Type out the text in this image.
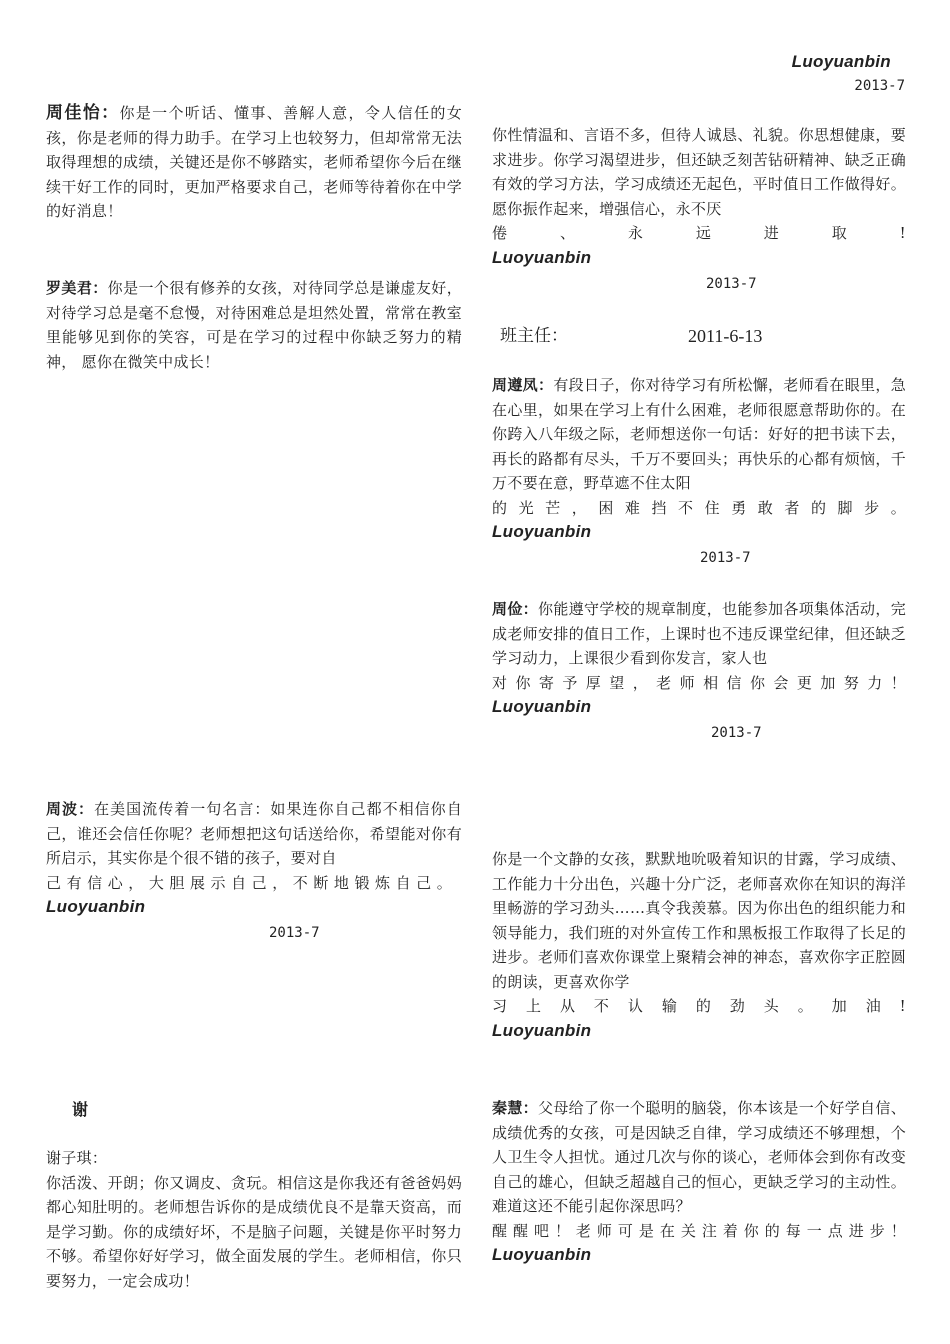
Luoyuanbin
2013-7
你性情温和、言语不多，但待人诚恳、礼貌。你思想健康，要求进步。你学习渴望进步，但还缺乏刻苦钻研精神、缺乏正确有效的学习方法，学习成绩还无起色，平时值日工作做得好。愿你振作起来，增强信心，永不厌
倦 、 永 远 进 取 !
Luoyuanbin
2013-7
班主任：	2011-6-13
周遵凤：有段日子，你对待学习有所松懈，老师看在眼里，急在心里，如果在学习上有什么困难，老师很愿意帮助你的。在你跨入八年级之际，老师想送你一句话：好好的把书读下去，再长的路都有尽头，千万不要回头；再快乐的心都有烦恼，千万不要在意，野草遮不住太阳
的 光 芒 ， 困 难 挡 不 住 勇 敢 者 的 脚 步 。
Luoyuanbin
2013-7
周俭：你能遵守学校的规章制度，也能参加各项集体活动，完成老师安排的值日工作，上课时也不违反课堂纪律，但还缺乏学习动力，上课很少看到你发言，家人也
对 你 寄 予 厚 望 ， 老 师 相 信 你 会 更 加 努 力 ！
Luoyuanbin
2013-7
你是一个文静的女孩，默默地吮吸着知识的甘露，学习成绩、工作能力十分出色，兴趣十分广泛，老师喜欢你在知识的海洋里畅游的学习劲头……真令我羡慕。因为你出色的组织能力和领导能力，我们班的对外宣传工作和黑板报工作取得了长足的进步。老师们喜欢你课堂上聚精会神的神态，喜欢你字正腔圆的朗读，更喜欢你学
习 上 从 不 认 输 的 劲 头 。 加 油 !
Luoyuanbin
秦慧：父母给了你一个聪明的脑袋，你本该是一个好学自信、成绩优秀的女孩，可是因缺乏自律，学习成绩还不够理想，个人卫生令人担忧。通过几次与你的谈心，老师体会到你有改变自己的雄心，但缺乏超越自己的恒心，更缺乏学习的主动性。难道这还不能引起你深思吗？
醒 醒 吧 ！ 老 师 可 是 在 关 注 着 你 的 每 一 点 进 步 ！
Luoyuanbin
周佳怡：你是一个听话、懂事、善解人意，令人信任的女孩，你是老师的得力助手。在学习上也较努力，但却常常无法取得理想的成绩，关键还是你不够踏实，老师希望你今后在继续干好工作的同时，更加严格要求自己，老师等待着你在中学的好消息！
罗美君：你是一个很有修养的女孩，对待同学总是谦虚友好，对待学习总是毫不怠慢，对待困难总是坦然处置，常常在教室里能够见到你的笑容，可是在学习的过程中你缺乏努力的精神， 愿你在微笑中成长！
周波：在美国流传着一句名言：如果连你自己都不相信你自己，谁还会信任你呢？老师想把这句话送给你，希望能对你有所启示，其实你是个很不错的孩子，要对自
己 有 信 心 ， 大 胆 展 示 自 己 ， 不 断 地 锻 炼 自 己 。
Luoyuanbin
2013-7
谢
谢子琪：
你活泼、开朗；你又调皮、贪玩。相信这是你我还有爸爸妈妈都心知肚明的。老师想告诉你的是成绩优良不是靠天资高，而是学习勤。你的成绩好坏，不是脑子问题，关键是你平时努力不够。希望你好好学习，做全面发展的学生。老师相信，你只要努力，一定会成功！
